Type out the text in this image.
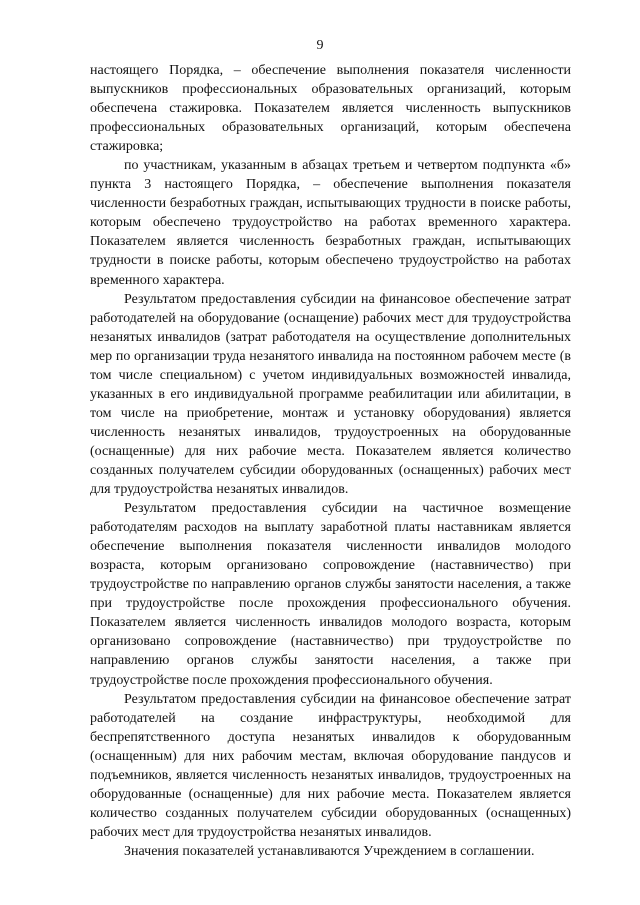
9

настоящего Порядка, – обеспечение выполнения показателя численности выпускников профессиональных образовательных организаций, которым обеспечена стажировка. Показателем является численность выпускников профессиональных образовательных организаций, которым обеспечена стажировка;

по участникам, указанным в абзацах третьем и четвертом подпункта «б» пункта 3 настоящего Порядка, – обеспечение выполнения показателя численности безработных граждан, испытывающих трудности в поиске работы, которым обеспечено трудоустройство на работах временного характера. Показателем является численность безработных граждан, испытывающих трудности в поиске работы, которым обеспечено трудоустройство на работах временного характера.

Результатом предоставления субсидии на финансовое обеспечение затрат работодателей на оборудование (оснащение) рабочих мест для трудоустройства незанятых инвалидов (затрат работодателя на осуществление дополнительных мер по организации труда незанятого инвалида на постоянном рабочем месте (в том числе специальном) с учетом индивидуальных возможностей инвалида, указанных в его индивидуальной программе реабилитации или абилитации, в том числе на приобретение, монтаж и установку оборудования) является численность незанятых инвалидов, трудоустроенных на оборудованные (оснащенные) для них рабочие места. Показателем является количество созданных получателем субсидии оборудованных (оснащенных) рабочих мест для трудоустройства незанятых инвалидов.

Результатом предоставления субсидии на частичное возмещение работодателям расходов на выплату заработной платы наставникам является обеспечение выполнения показателя численности инвалидов молодого возраста, которым организовано сопровождение (наставничество) при трудоустройстве по направлению органов службы занятости населения, а также при трудоустройстве после прохождения профессионального обучения. Показателем является численность инвалидов молодого возраста, которым организовано сопровождение (наставничество) при трудоустройстве по направлению органов службы занятости населения, а также при трудоустройстве после прохождения профессионального обучения.

Результатом предоставления субсидии на финансовое обеспечение затрат работодателей на создание инфраструктуры, необходимой для беспрепятственного доступа незанятых инвалидов к оборудованным (оснащенным) для них рабочим местам, включая оборудование пандусов и подъемников, является численность незанятых инвалидов, трудоустроенных на оборудованные (оснащенные) для них рабочие места. Показателем является количество созданных получателем субсидии оборудованных (оснащенных) рабочих мест для трудоустройства незанятых инвалидов.

Значения показателей устанавливаются Учреждением в соглашении.
